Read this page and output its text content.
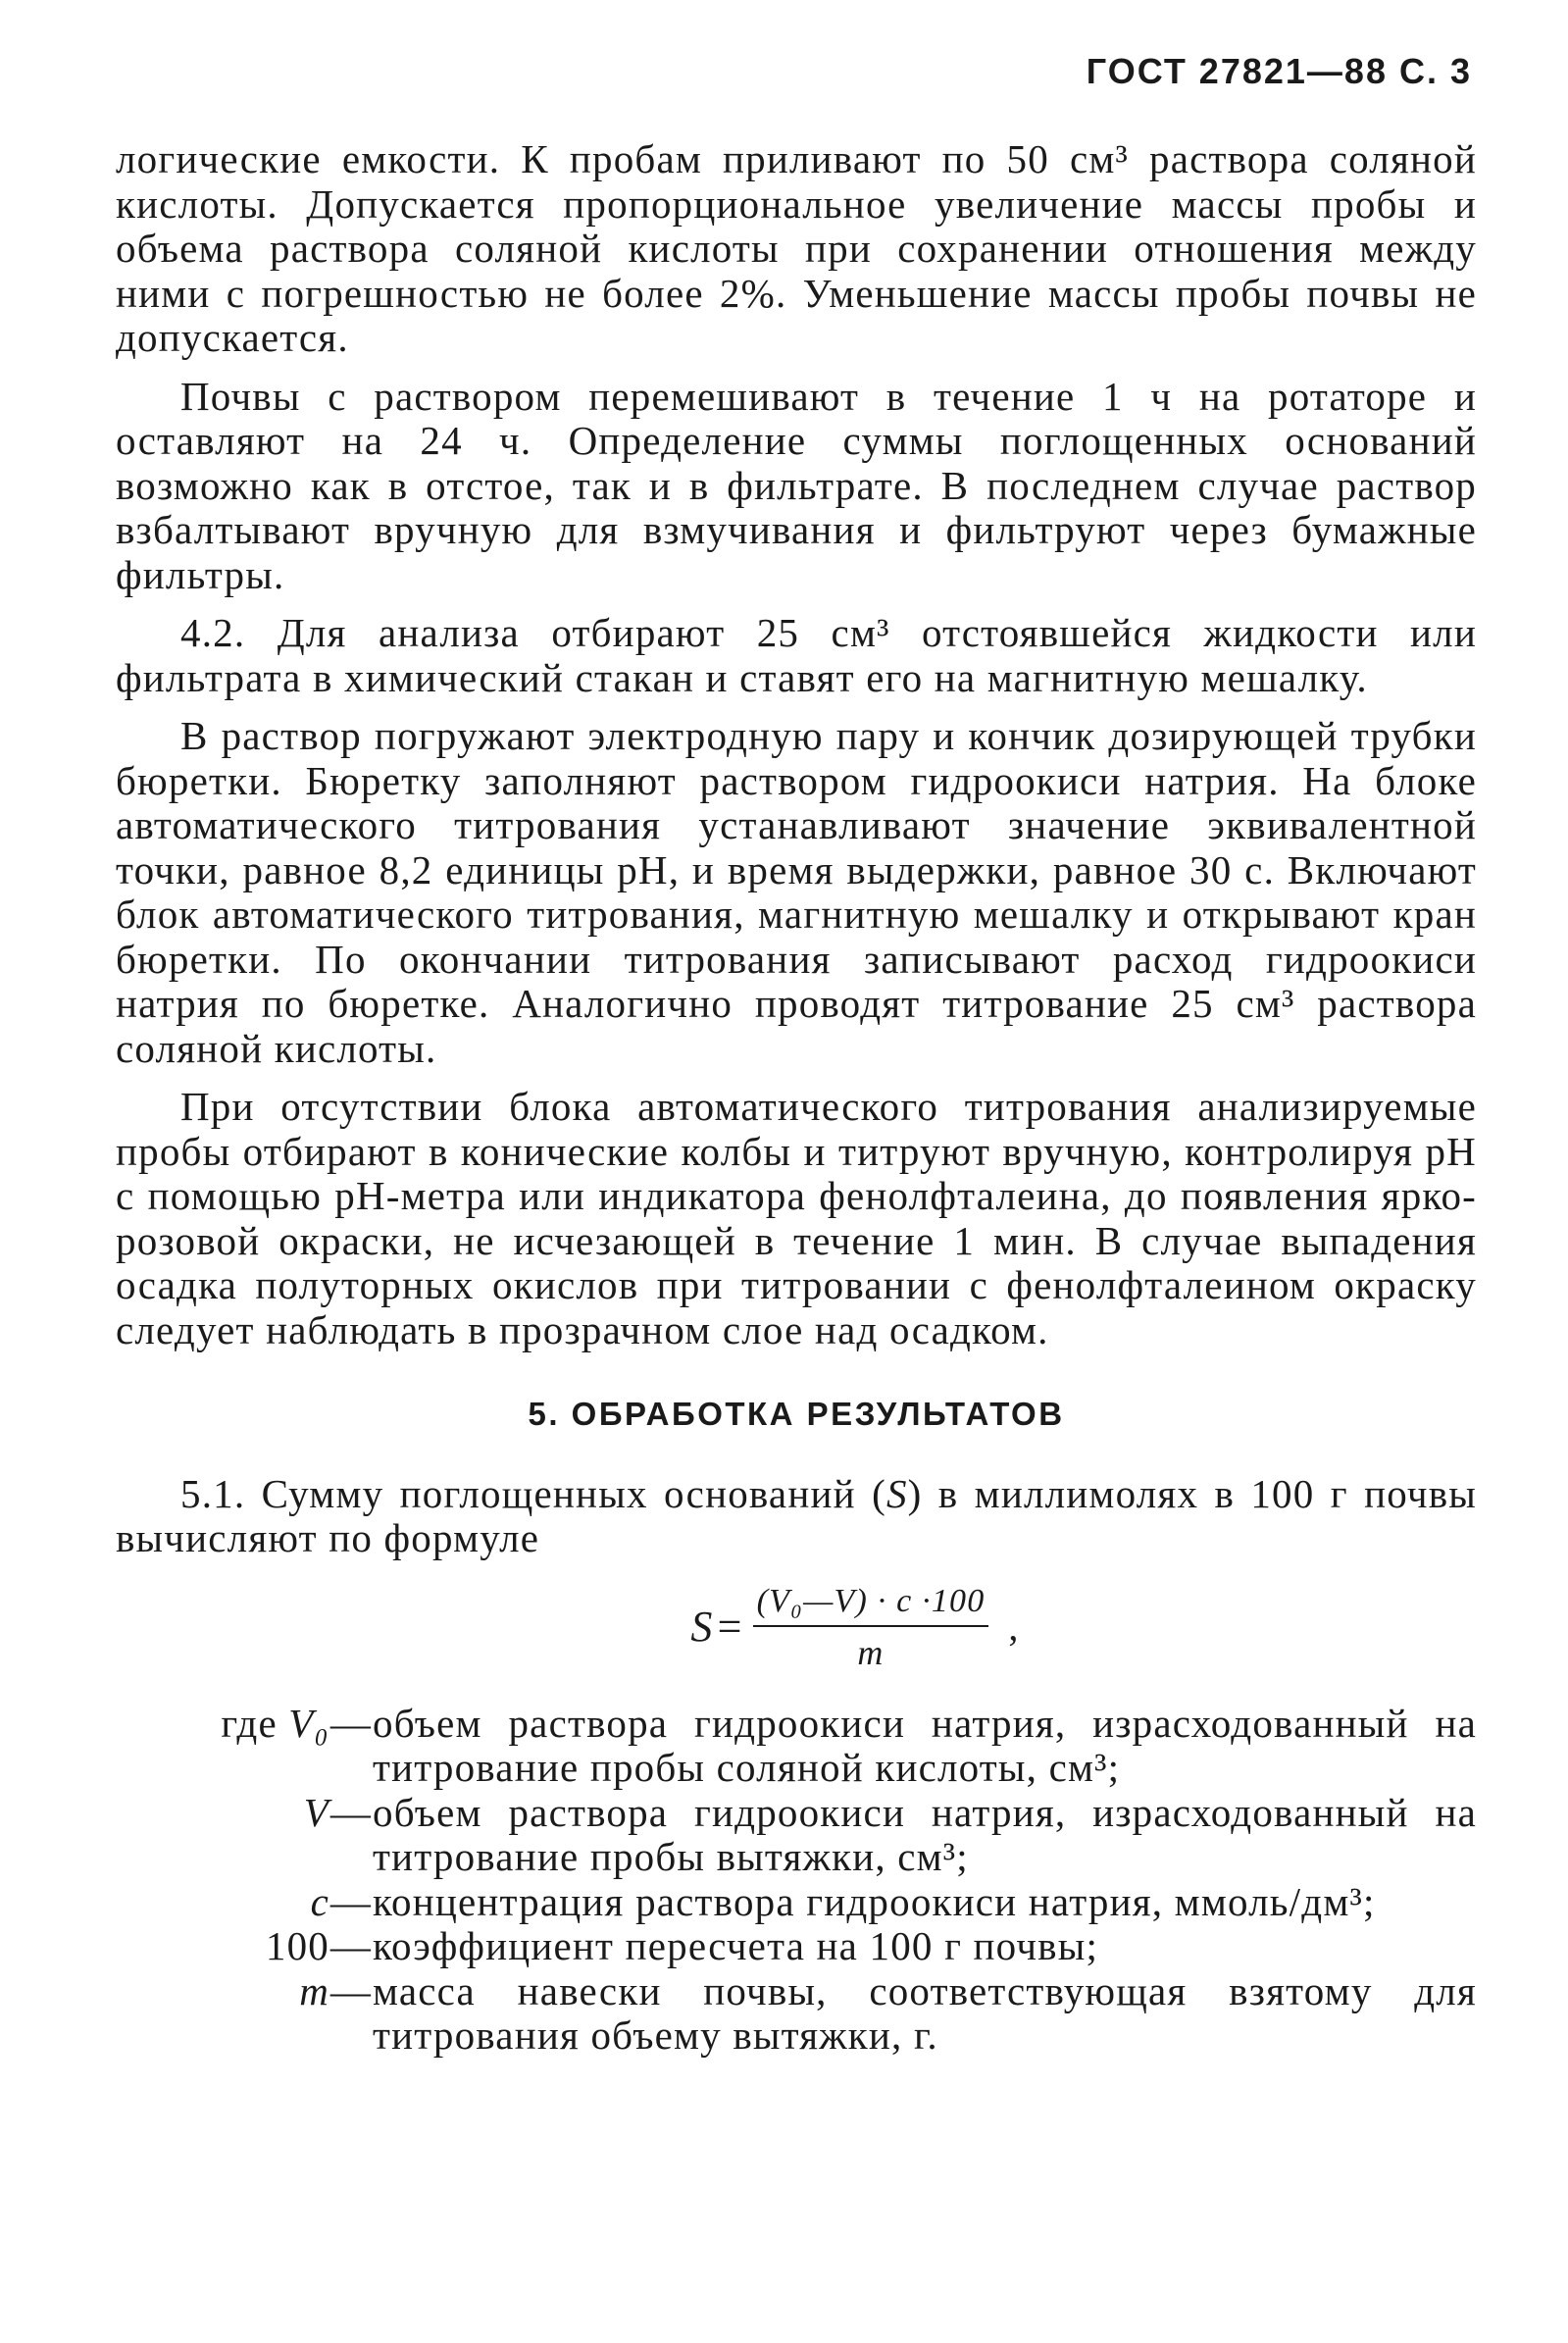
ГОСТ 27821—88 С. 3

логические емкости. К пробам приливают по 50 см³ раствора соляной кислоты. Допускается пропорциональное увеличение массы пробы и объема раствора соляной кислоты при сохранении отношения между ними с погрешностью не более 2%. Уменьшение массы пробы почвы не допускается.

Почвы с раствором перемешивают в течение 1 ч на ротаторе и оставляют на 24 ч. Определение суммы поглощенных оснований возможно как в отстое, так и в фильтрате. В последнем случае раствор взбалтывают вручную для взмучивания и фильтруют через бумажные фильтры.

4.2. Для анализа отбирают 25 см³ отстоявшейся жидкости или фильтрата в химический стакан и ставят его на магнитную мешалку.

В раствор погружают электродную пару и кончик дозирующей трубки бюретки. Бюретку заполняют раствором гидроокиси натрия. На блоке автоматического титрования устанавливают значение эквивалентной точки, равное 8,2 единицы pH, и время выдержки, равное 30 с. Включают блок автоматического титрования, магнитную мешалку и открывают кран бюретки. По окончании титрования записывают расход гидроокиси натрия по бюретке. Аналогично проводят титрование 25 см³ раствора соляной кислоты.

При отсутствии блока автоматического титрования анализируемые пробы отбирают в конические колбы и титруют вручную, контролируя pH с помощью pH-метра или индикатора фенолфталеина, до появления ярко-розовой окраски, не исчезающей в течение 1 мин. В случае выпадения осадка полуторных окислов при титровании с фенолфталеином окраску следует наблюдать в прозрачном слое над осадком.

5. ОБРАБОТКА РЕЗУЛЬТАТОВ

5.1. Сумму поглощенных оснований (S) в миллимолях в 100 г почвы вычисляют по формуле

$S = \frac{\text{(V₀—V) · c ·100}}{m}$ ,
где V₀ — объем раствора гидроокиси натрия, израсходованный на титрование пробы соляной кислоты, см³;
V — объем раствора гидроокиси натрия, израсходованный на титрование пробы вытяжки, см³;
c — концентрация раствора гидроокиси натрия, ммоль/дм³;
100 — коэффициент пересчета на 100 г почвы;
m — масса навески почвы, соответствующая взятому для титрования объему вытяжки, г.
